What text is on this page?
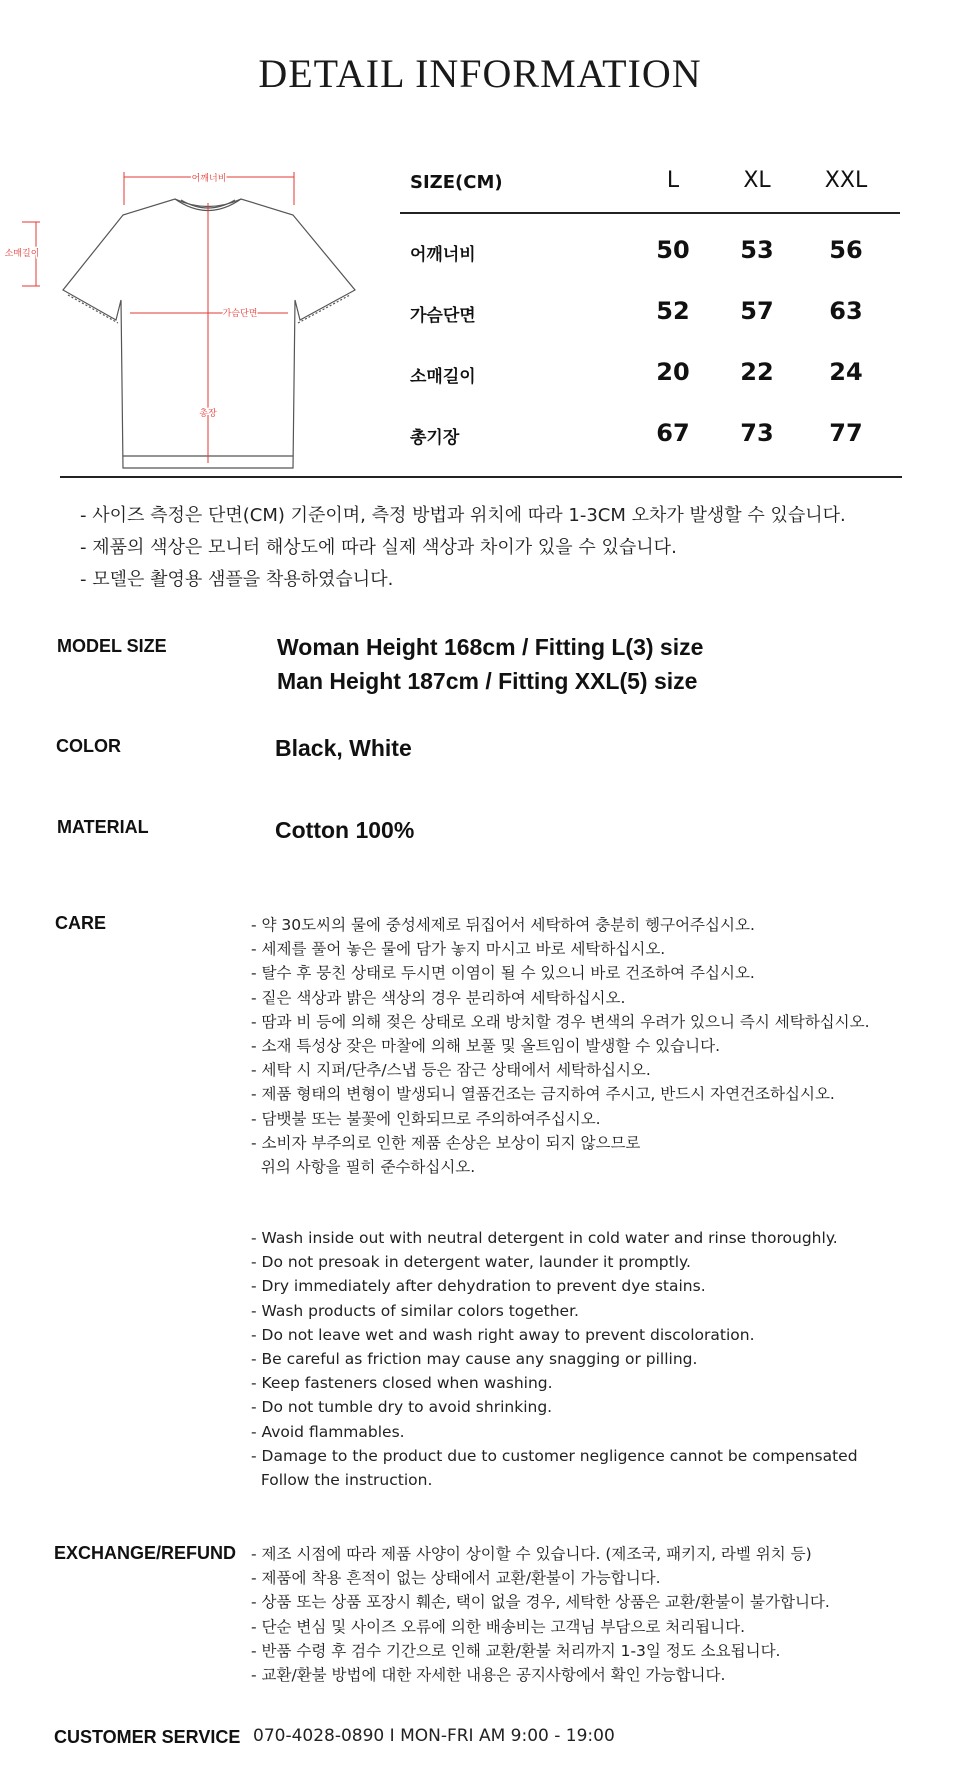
DETAIL INFORMATION
어깨너비
소매길이
가슴단면
총장
SIZE(CM)	L	XL	XXL
어깨너비	50	53	56
가슴단면	52	57	63
소매길이	20	22	24
총기장	67	73	77
- 사이즈 측정은 단면(CM) 기준이며, 측정 방법과 위치에 따라 1-3CM 오차가 발생할 수 있습니다.
- 제품의 색상은 모니터 해상도에 따라 실제 색상과 차이가 있을 수 있습니다.
- 모델은 촬영용 샘플을 착용하였습니다.
MODEL SIZE	Woman Height 168cm / Fitting L(3) size
Man Height 187cm / Fitting XXL(5) size
COLOR	Black, White
MATERIAL	Cotton 100%
CARE	- 약 30도씨의 물에 중성세제로 뒤집어서 세탁하여 충분히 헹구어주십시오.
- 세제를 풀어 놓은 물에 담가 놓지 마시고 바로 세탁하십시오.
- 탈수 후 뭉친 상태로 두시면 이염이 될 수 있으니 바로 건조하여 주십시오.
- 짙은 색상과 밝은 색상의 경우 분리하여 세탁하십시오.
- 땀과 비 등에 의해 젖은 상태로 오래 방치할 경우 변색의 우려가 있으니 즉시 세탁하십시오.
- 소재 특성상 잦은 마찰에 의해 보풀 및 올트임이 발생할 수 있습니다.
- 세탁 시 지퍼/단추/스냅 등은 잠근 상태에서 세탁하십시오.
- 제품 형태의 변형이 발생되니 열품건조는 금지하여 주시고, 반드시 자연건조하십시오.
- 담뱃불 또는 불꽃에 인화되므로 주의하여주십시오.
- 소비자 부주의로 인한 제품 손상은 보상이 되지 않으므로
위의 사항을 필히 준수하십시오.
- Wash inside out with neutral detergent in cold water and rinse thoroughly.
- Do not presoak in detergent water, launder it promptly.
- Dry immediately after dehydration to prevent dye stains.
- Wash products of similar colors together.
- Do not leave wet and wash right away to prevent discoloration.
- Be careful as friction may cause any snagging or pilling.
- Keep fasteners closed when washing.
- Do not tumble dry to avoid shrinking.
- Avoid flammables.
- Damage to the product due to customer negligence cannot be compensated
Follow the instruction.
EXCHANGE/REFUND - 제조 시점에 따라 제품 사양이 상이할 수 있습니다. (제조국, 패키지, 라벨 위치 등)
- 제품에 착용 흔적이 없는 상태에서 교환/환불이 가능합니다.
- 상품 또는 상품 포장시 훼손, 택이 없을 경우, 세탁한 상품은 교환/환불이 불가합니다.
- 단순 변심 및 사이즈 오류에 의한 배송비는 고객님 부담으로 처리됩니다.
- 반품 수령 후 검수 기간으로 인해 교환/환불 처리까지 1-3일 정도 소요됩니다.
- 교환/환불 방법에 대한 자세한 내용은 공지사항에서 확인 가능합니다.
CUSTOMER SERVICE 070-4028-0890 I MON-FRI AM 9:00 - 19:00
